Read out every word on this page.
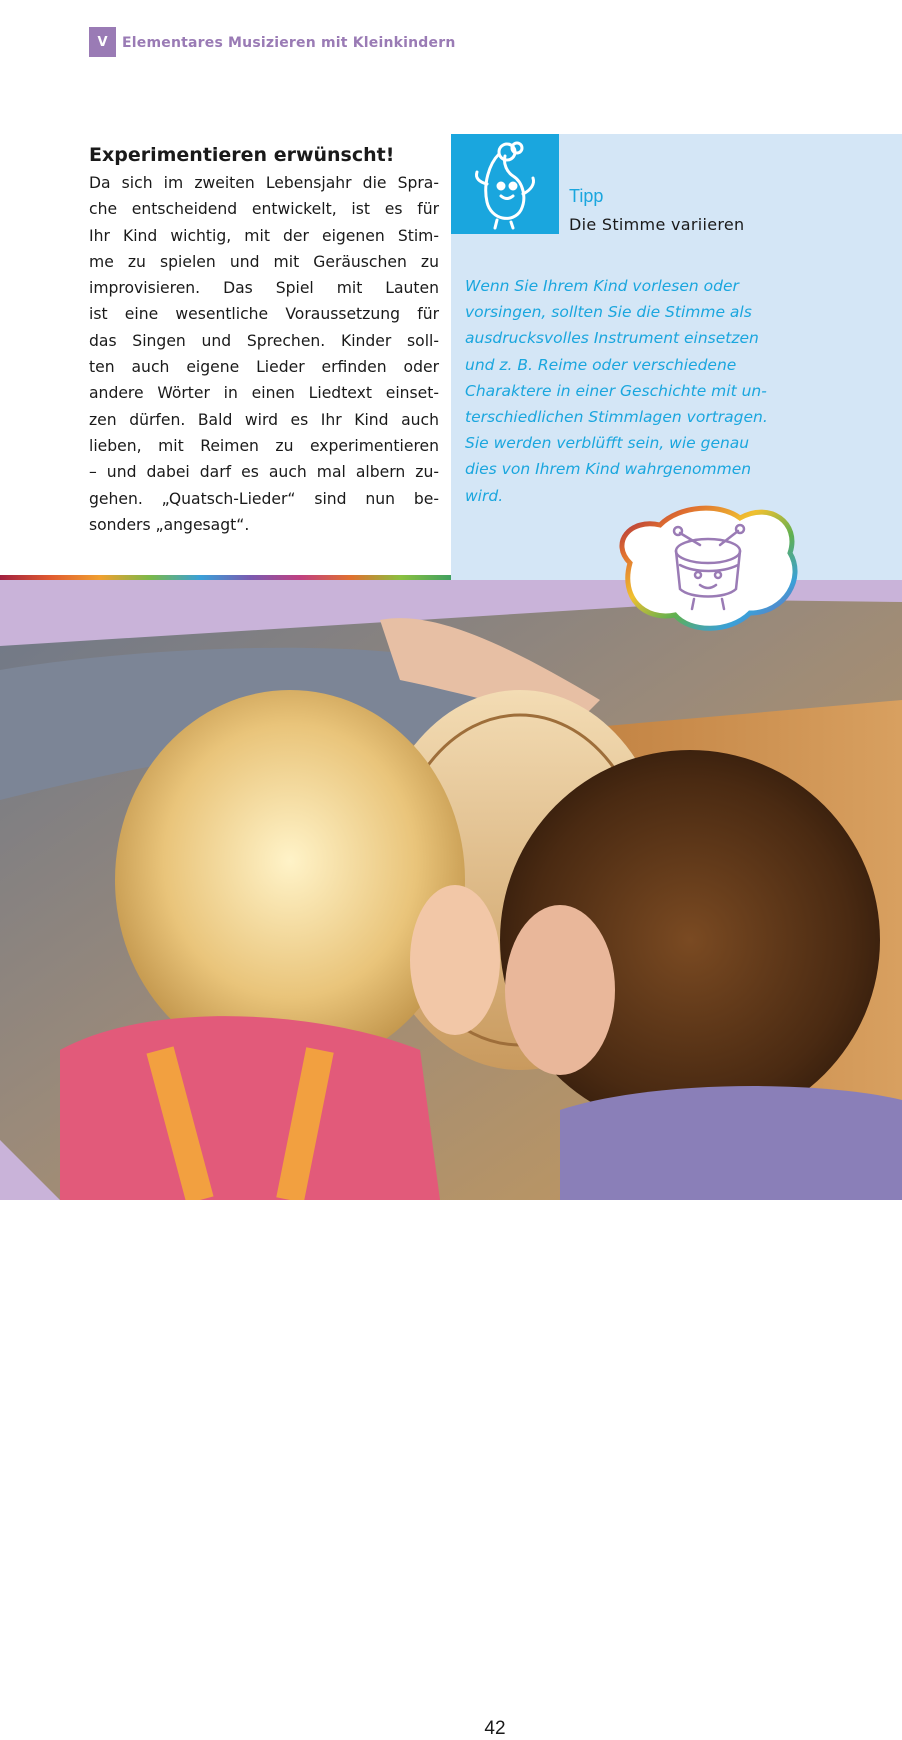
V Elementares Musizieren mit Kleinkindern
Experimentieren erwünscht!

Da sich im zweiten Lebensjahr die Spra-
che entscheidend entwickelt, ist es für
Ihr Kind wichtig, mit der eigenen Stim-
me zu spielen und mit Geräuschen zu
improvisieren. Das Spiel mit Lauten
ist eine wesentliche Voraussetzung für
das Singen und Sprechen. Kinder soll-
ten auch eigene Lieder erfinden oder
andere Wörter in einen Liedtext einset-
zen dürfen. Bald wird es Ihr Kind auch
lieben, mit Reimen zu experimentieren
– und dabei darf es auch mal albern zu-
gehen. „Quatsch-Lieder“ sind nun be-
sonders „angesagt“.

Tipp
Die Stimme variieren

Wenn Sie Ihrem Kind vorlesen oder
vorsingen, sollten Sie die Stimme als
ausdrucksvolles Instrument einsetzen
und z. B. Reime oder verschiedene
Charaktere in einer Geschichte mit un-
terschiedlichen Stimmlagen vortragen.
Sie werden verblüfft sein, wie genau
dies von Ihrem Kind wahrgenommen
wird.

42
